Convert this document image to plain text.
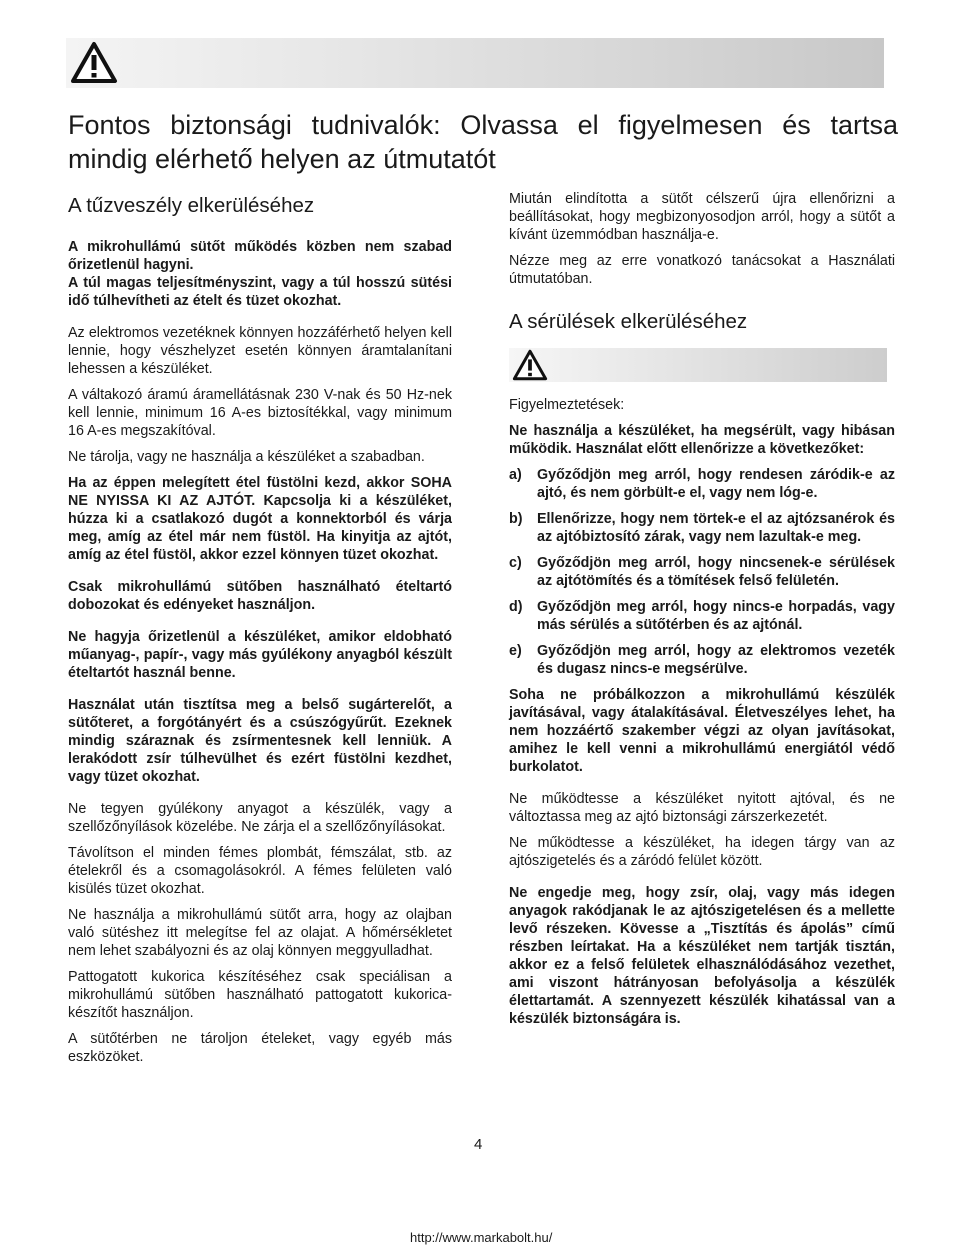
Fontos biztonsági tudnivalók: Olvassa el figyelmesen és tartsa mindig elérhető helyen az útmutatót
A tűzveszély elkerüléséhez

A mikrohullámú sütőt működés közben nem szabad őrizetlenül hagyni.

A túl magas teljesítményszint, vagy a túl hosszú sütési idő túlhevítheti az ételt és tüzet okozhat.

Az elektromos vezetéknek könnyen hozzáférhető helyen kell lennie, hogy vészhelyzet esetén könnyen áramtalanítani lehessen a készüléket.

A váltakozó áramú áramellátásnak 230 V-nak és 50 Hz-nek kell lennie, minimum 16 A-es biztosítékkal, vagy minimum 16 A-es megszakítóval.

Ne tárolja, vagy ne használja a készüléket a szabadban.

Ha az éppen melegített étel füstölni kezd, akkor SOHA NE NYISSA KI AZ AJTÓT. Kapcsolja ki a készüléket, húzza ki a csatlakozó dugót a konnektorból és várja meg, amíg az étel már nem füstöl. Ha kinyitja az ajtót, amíg az étel füstöl, akkor ezzel könnyen tüzet okozhat.

Csak mikrohullámú sütőben használható ételtartó dobozokat és edényeket használjon.

Ne hagyja őrizetlenül a készüléket, amikor eldobható műanyag-, papír-, vagy más gyúlékony anyagból készült ételtartót használ benne.

Használat után tisztítsa meg a belső sugárterelőt, a sütőteret, a forgótányért és a csúszógyűrűt. Ezeknek mindig száraznak és zsírmentesnek kell lenniük. A lerakódott zsír túlhevülhet és ezért füstölni kezdhet, vagy tüzet okozhat.

Ne tegyen gyúlékony anyagot a készülék, vagy a szellőzőnyílások közelébe. Ne zárja el a szellőzőnyílásokat.

Távolítson el minden fémes plombát, fémszálat, stb. az ételekről és a csomagolásokról. A fémes felületen való kisülés tüzet okozhat.

Ne használja a mikrohullámú sütőt arra, hogy az olajban való sütéshez itt melegítse fel az olajat. A hőmérsékletet nem lehet szabályozni és az olaj könnyen meggyulladhat.

Pattogatott kukorica készítéséhez csak speciálisan a mikrohullámú sütőben használható pattogatott kukorica-készítőt használjon.

A sütőtérben ne tároljon ételeket, vagy egyéb más eszközöket.

Miután elindította a sütőt célszerű újra ellenőrizni a beállításokat, hogy megbizonyosodjon arról, hogy a sütőt a kívánt üzemmódban használja-e.

Nézze meg az erre vonatkozó tanácsokat a Használati útmutatóban.

A sérülések elkerüléséhez

Figyelmeztetések:

Ne használja a készüléket, ha megsérült, vagy hibásan működik. Használat előtt ellenőrizze a következőket:

a)	Győződjön meg arról, hogy rendesen záródik-e az ajtó, és nem görbült-e el, vagy nem lóg-e.
b)	Ellenőrizze, hogy nem törtek-e el az ajtózsanérok és az ajtóbiztosító zárak, vagy nem lazultak-e meg.
c)	Győződjön meg arról, hogy nincsenek-e sérülések az ajtótömítés és a tömítések felső felületén.
d)	Győződjön meg arról, hogy nincs-e horpadás, vagy más sérülés a sütőtérben és az ajtónál.
e)	Győződjön meg arról, hogy az elektromos vezeték és dugasz nincs-e megsérülve.

Soha ne próbálkozzon a mikrohullámú készülék javításával, vagy átalakításával. Életveszélyes lehet, ha nem hozzáértő szakember végzi az olyan javításokat, amihez le kell venni a mikrohullámú energiától védő burkolatot.

Ne működtesse a készüléket nyitott ajtóval, és ne változtassa meg az ajtó biztonsági zárszerkezetét.

Ne működtesse a készüléket, ha idegen tárgy van az ajtószigetelés és a záródó felület között.

Ne engedje meg, hogy zsír, olaj, vagy más idegen anyagok rakódjanak le az ajtószigetelésen és a mellette levő részeken. Kövesse a „Tisztítás és ápolás” című részben leírtakat. Ha a készüléket nem tartják tisztán, akkor ez a felső felületek elhasználódásához vezethet, ami viszont hátrányosan befolyásolja a készülék élettartamát. A szennyezett készülék kihatással van a készülék biztonságára is.

4
http://www.markabolt.hu/
